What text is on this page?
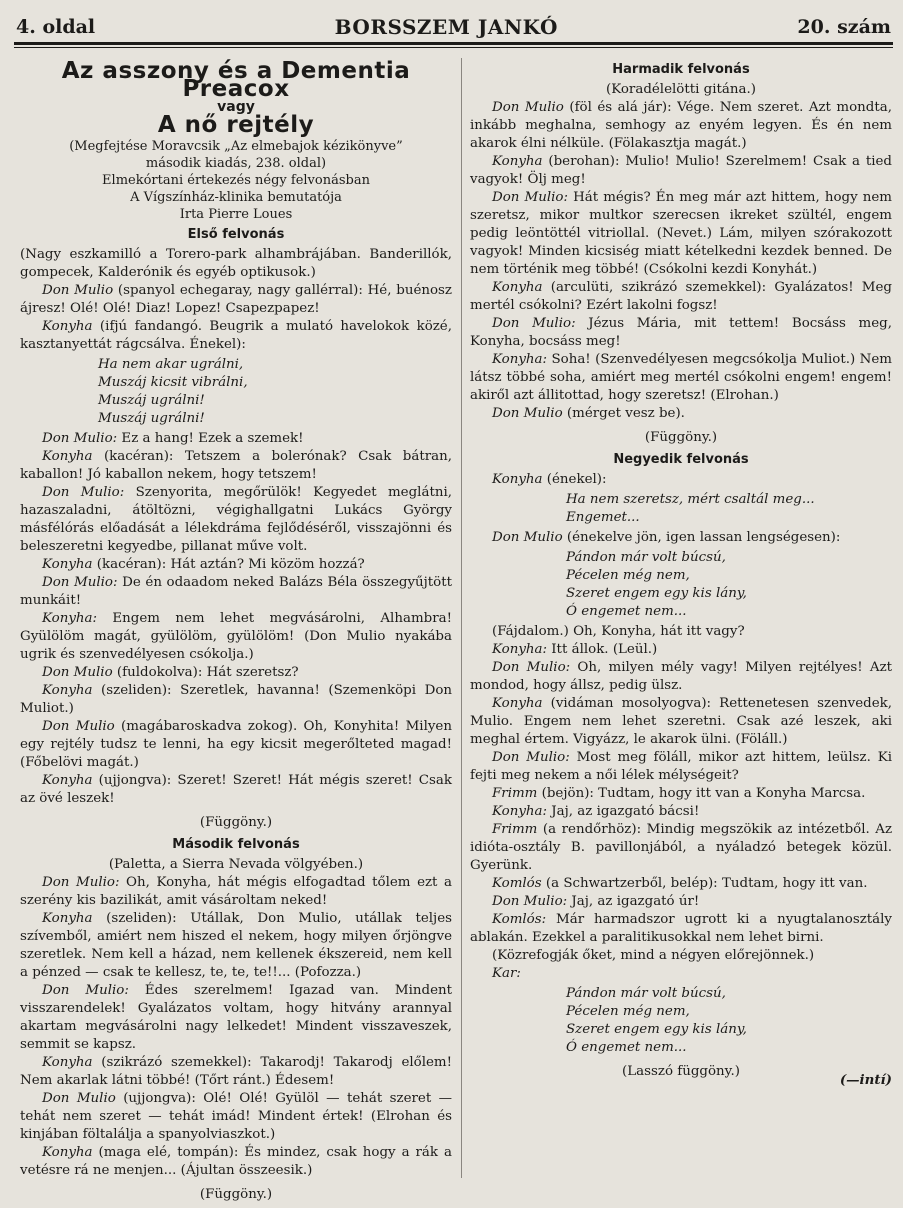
4. oldal	BORSSZEM JANKÓ	20. szám
Az asszony és a Dementia Preacox
vagy
A nő rejtély
(Megfejtése Moravcsik „Az elmebajok kézikönyve”
második kiadás, 238. oldal)
Elmekórtani értekezés négy felvonásban
A Vígszínház-klinika bemutatója
Irta Pierre Loues
Első felvonás

(Nagy eszkamilló a Torero-park alhambrájában. Banderillók, gompecek, Kalderónik és egyéb optikusok.)

Don Mulio (spanyol echegaray, nagy gallérral): Hé, buénosz ájresz! Olé! Olé! Diaz! Lopez! Csapezpapez!

Konyha (ifjú fandangó. Beugrik a mulató havelokok közé, kasztanyettát rágcsálva. Énekel):

Ha nem akar ugrálni,
Muszáj kicsit vibrálni,
Muszáj ugrálni!
Muszáj ugrálni!

Don Mulio: Ez a hang! Ezek a szemek!

Konyha (kacéran): Tetszem a bolerónak? Csak bátran, kaballon! Jó kaballon nekem, hogy tetszem!

Don Mulio: Szenyorita, megőrülök! Kegyedet meglátni, hazaszaladni, átöltözni, végighallgatni Lukács György másfélórás előadását a lélekdráma fejlődéséről, visszajönni és beleszeretni kegyedbe, pillanat műve volt.

Konyha (kacéran): Hát aztán? Mi közöm hozzá?

Don Mulio: De én odaadom neked Balázs Béla összegyűjtött munkáit!

Konyha: Engem nem lehet megvásárolni, Alhambra! Gyülölöm magát, gyülölöm, gyülölöm! (Don Mulio nyakába ugrik és szenvedélyesen csókolja.)

Don Mulio (fuldokolva): Hát szeretsz?

Konyha (szeliden): Szeretlek, havanna! (Szemenköpi Don Muliot.)

Don Mulio (magábaroskadva zokog). Oh, Konyhita! Milyen egy rejtély tudsz te lenni, ha egy kicsit megerőlteted magad! (Főbelövi magát.)

Konyha (ujjongva): Szeret! Szeret! Hát mégis szeret! Csak az övé leszek!

(Függöny.)
Második felvonás
(Paletta, a Sierra Nevada völgyében.)

Don Mulio: Oh, Konyha, hát mégis elfogadtad tőlem ezt a szerény kis bazilikát, amit vásároltam neked!

Konyha (szeliden): Utállak, Don Mulio, utállak teljes szívemből, amiért nem hiszed el nekem, hogy milyen őrjöngve szeretlek. Nem kell a házad, nem kellenek ékszereid, nem kell a pénzed — csak te kellesz, te, te, te!!... (Pofozza.)

Don Mulio: Édes szerelmem! Igazad van. Mindent visszarendelek! Gyalázatos voltam, hogy hitvány arannyal akartam megvásárolni nagy lelkedet! Mindent visszaveszek, semmit se kapsz.

Konyha (szikrázó szemekkel): Takarodj! Takarodj előlem! Nem akarlak látni többé! (Tőrt ránt.) Édesem!

Don Mulio (ujjongva): Olé! Olé! Gyülöl — tehát szeret — tehát nem szeret — tehát imád! Mindent értek! (Elrohan és kinjában föltalálja a spanyolviaszkot.)

Konyha (maga elé, tompán): És mindez, csak hogy a rák a vetésre rá ne menjen... (Ájultan összeesik.)

(Függöny.)
Harmadik felvonás
(Koradélelötti gitána.)

Don Mulio (föl és alá jár): Vége. Nem szeret. Azt mondta, inkább meghalna, semhogy az enyém legyen. És én nem akarok élni nélküle. (Fölakasztja magát.)

Konyha (berohan): Mulio! Mulio! Szerelmem! Csak a tied vagyok! Ölj meg!

Don Mulio: Hát mégis? Én meg már azt hittem, hogy nem szeretsz, mikor multkor szerecsen ikreket szültél, engem pedig leöntöttél vitriollal. (Nevet.) Lám, milyen szórakozott vagyok! Minden kicsiség miatt kételkedni kezdek benned. De nem történik meg többé! (Csókolni kezdi Konyhát.)

Konyha (arculüti, szikrázó szemekkel): Gyalázatos! Meg mertél csókolni? Ezért lakolni fogsz!

Don Mulio: Jézus Mária, mit tettem! Bocsáss meg, Konyha, bocsáss meg!

Konyha: Soha! (Szenvedélyesen megcsókolja Muliot.) Nem látsz többé soha, amiért meg mertél csókolni engem! engem! akiről azt állitottad, hogy szeretsz! (Elrohan.)

Don Mulio (mérget vesz be).

(Függöny.)
Negyedik felvonás

Konyha (énekel):

Ha nem szeretsz, mért csaltál meg...
Engemet...

Don Mulio (énekelve jön, igen lassan lengségesen):

Pándon már volt búcsú,
Pécelen még nem,
Szeret engem egy kis lány,
Ó engemet nem...

(Fájdalom.) Oh, Konyha, hát itt vagy?

Konyha: Itt állok. (Leül.)

Don Mulio: Oh, milyen mély vagy! Milyen rejtélyes! Azt mondod, hogy állsz, pedig ülsz.

Konyha (vidáman mosolyogva): Rettenetesen szenvedek, Mulio. Engem nem lehet szeretni. Csak azé leszek, aki meghal értem. Vigyázz, le akarok ülni. (Föláll.)

Don Mulio: Most meg föláll, mikor azt hittem, leülsz. Ki fejti meg nekem a női lélek mélységeit?

Frimm (bejön): Tudtam, hogy itt van a Konyha Marcsa.

Konyha: Jaj, az igazgató bácsi!

Frimm (a rendőrhöz): Mindig megszökik az intézetből. Az idióta-osztály B. pavillonjából, a nyáladzó betegek közül. Gyerünk.

Komlós (a Schwartzerből, belép): Tudtam, hogy itt van.

Don Mulio: Jaj, az igazgató úr!

Komlós: Már harmadszor ugrott ki a nyugtalanosztály ablakán. Ezekkel a paralitikusokkal nem lehet birni.

(Közrefogják őket, mind a négyen előrejönnek.)

Kar:

Pándon már volt búcsú,
Pécelen még nem,
Szeret engem egy kis lány,
Ó engemet nem...
(Lasszó függöny.)
(—intí)
